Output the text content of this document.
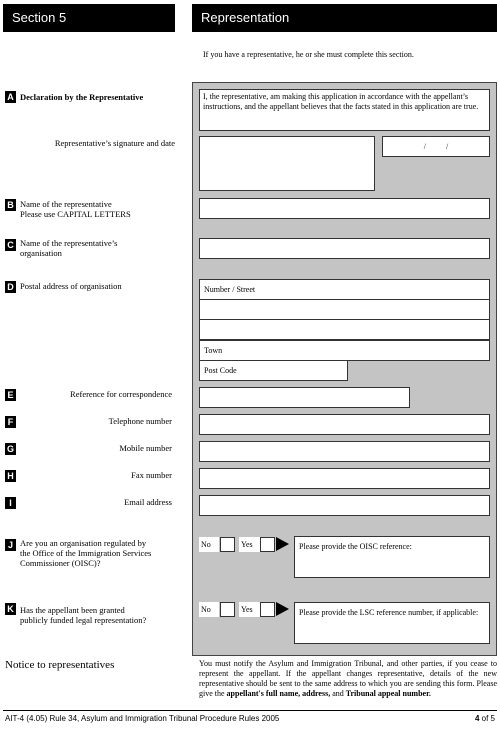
Section 5	Representation
If you have a representative, he or she must complete this section.
A Declaration by the Representative	I, the representative, am making this application in accordance with the appellant’s instructions, and the appellant believes that the facts stated in this application are true.
Representative’s signature and date	/          /
B Name of the representative
Please use CAPITAL LETTERS
C Name of the representative’s
organisation
D Postal address of organisation	Number / Street
Town
Post Code
E	Reference for correspondence
F	Telephone number
G	Mobile number
H	Fax number
I	Email address
J Are you an organisation regulated by
the Office of the Immigration Services
Commissioner (OISC)?
No	Yes	Please provide the OISC reference:
K Has the appellant been granted
publicly funded legal representation?
No	Yes	Please provide the LSC reference number, if applicable:
Notice to representatives	You must notify the Asylum and Immigration Tribunal, and other parties, if you cease to represent the appellant. If the appellant changes representative, details of the new representative should be sent to the same address to which you are sending this form. Please give the appellant's full name, address, and Tribunal appeal number.
AIT-4 (4.05) Rule 34, Asylum and Immigration Tribunal Procedure Rules 2005	4 of 5
